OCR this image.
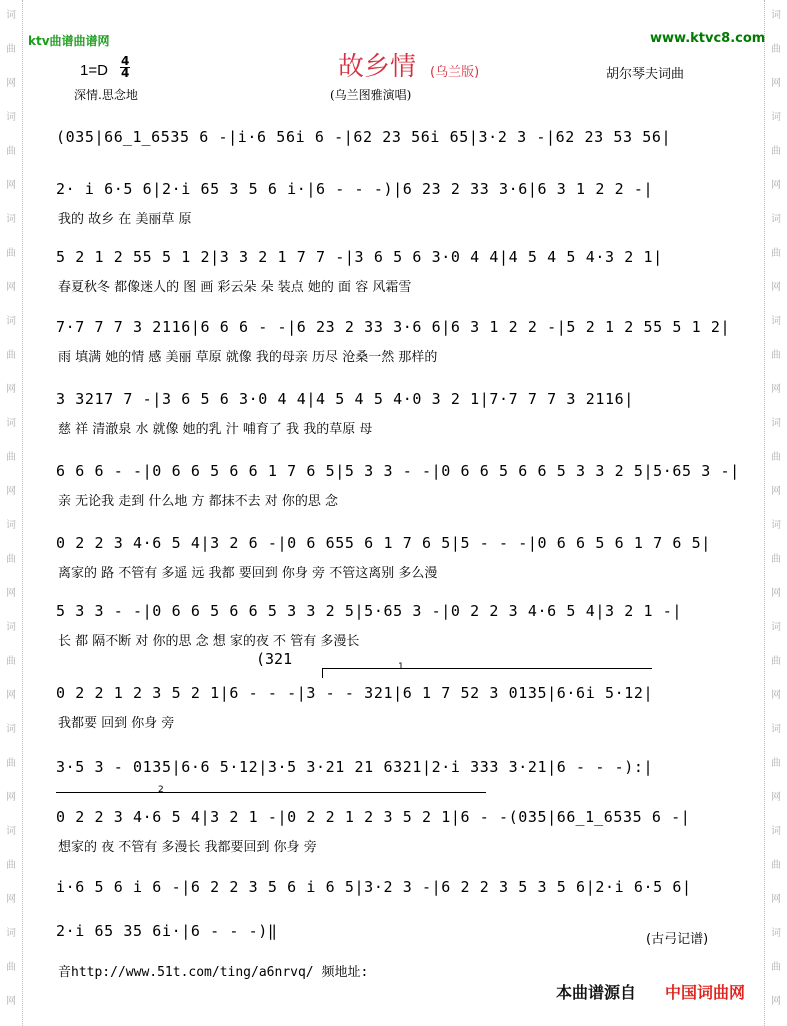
词
曲
网
词
曲
网
词
曲
网
词
曲
网
词
曲
网
词
曲
网
词
曲
网
词
曲
网
词
曲
网
词
曲
网
词
曲
网
词
曲
网
词
曲
网
词
曲
网
词
曲
网
词
曲
网
词
曲
网
词
曲
网
词
曲
网
词
曲
网
ktv曲谱曲谱网	www.ktvc8.com
故乡情 (乌兰版)
1=D
4
4	胡尔琴夫词曲
深情.思念地	(乌兰图雅演唱)
(035|66̲1̲6535 6 -|i·6 56i 6 -|62 23 56i 65|3·2 3 -|62 23 53 56|
2· i 6·5 6|2·i 65 3 5 6 i·|6 - - -)|6 23 2 33 3·6|6 3 1 2 2 -|
我的 故乡 在 美丽草 原
5 2 1 2 55 5 1 2|3 3 2 1 7 7 -|3 6 5 6 3·0 4 4|4 5 4 5 4·3 2 1|
春夏秋冬 都像迷人的 图 画 彩云朵 朵 装点 她的 面 容 风霜雪
7·7 7 7 3 2116|6 6 6 - -|6 23 2 33 3·6 6|6 3 1 2 2 -|5 2 1 2 55 5 1 2|
雨 填满 她的情 感 美丽 草原 就像 我的母亲 历尽 沧桑一然 那样的
3 3217 7 -|3 6 5 6 3·0 4 4|4 5 4 5 4·0 3 2 1|7·7 7 7 3 2116|
慈 祥 清澈泉 水 就像 她的乳 汁 哺育了 我 我的草原 母
6 6 6 - -|0 6 6 5 6 6 1 7 6 5|5 3 3 - -|0 6 6 5 6 6 5 3 3 2 5|5·65 3 -|
亲 无论我 走到 什么地 方 都抹不去 对 你的思 念
0 2 2 3 4·6 5 4|3 2 6 -|0 6 655 6 1 7 6 5|5 - - -|0 6 6 5 6 1 7 6 5|
离家的 路 不管有 多遥 远 我都 要回到 你身 旁 不管这离别 多么漫
5 3 3 - -|0 6 6 5 6 6 5 3 3 2 5|5·65 3 -|0 2 2 3 4·6 5 4|3 2 1 -|
长 都 隔不断 对 你的思 念 想 家的夜 不 管有 多漫长
0 2 2 1 2 3 5 2 1|6 - - -|3 - - 321|6 1 7 52 3 0135|6·6i 5·12|
我都要 回到 你身 旁
3·5 3 - 0135|6·6 5·12|3·5 3·21 21 6321|2·i 333 3·21|6 - - -):|
0 2 2 3 4·6 5 4|3 2 1 -|0 2 2 1 2 3 5 2 1|6 - -(035|66̲1̲6535 6 -|
想家的 夜 不管有 多漫长 我都要回到 你身 旁
i·6 5 6 i 6 -|6 2 2 3 5 6 i 6 5|3·2 3 -|6 2 2 3 5 3 5 6|2·i 6·5 6|
2·i 65 35 6i·|6 - - -)‖
(321	1
2
(古弓记谱)
音http://www.51t.com/ting/a6nrvq/ 频地址:
本曲谱源自 中国词曲网
